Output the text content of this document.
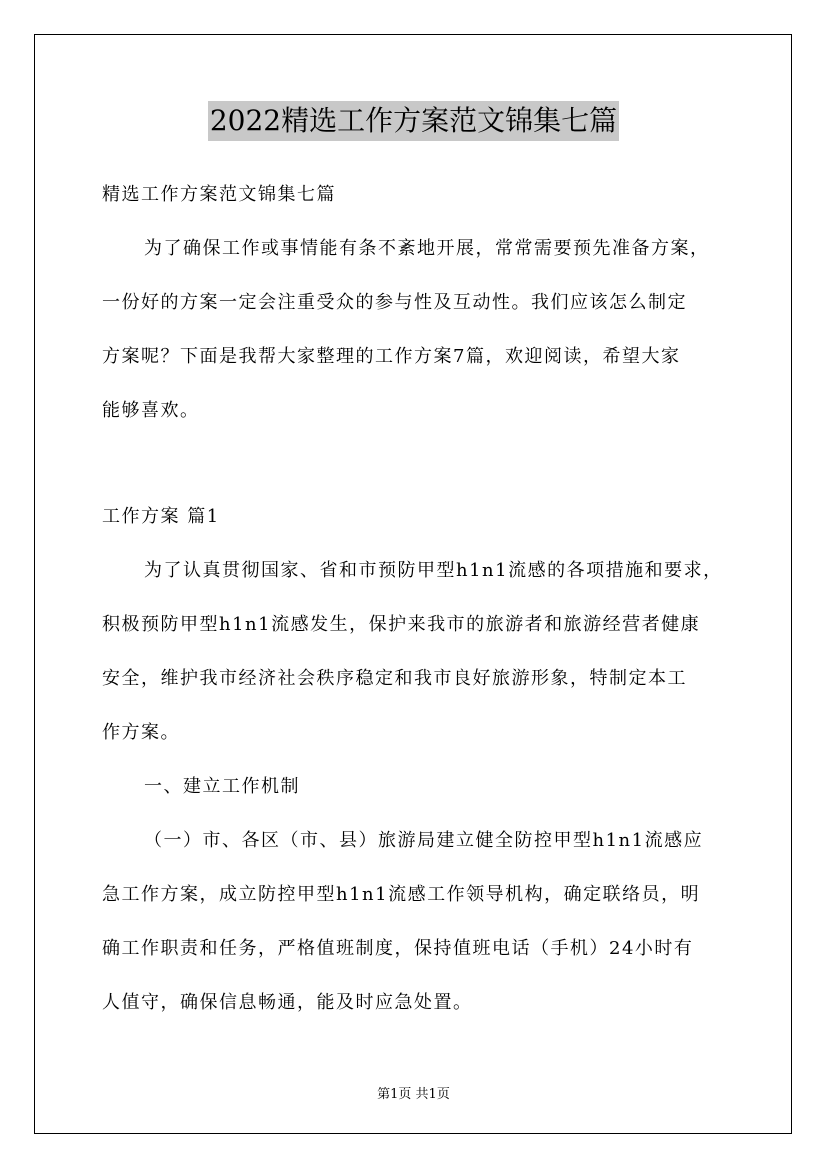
2022精选工作方案范文锦集七篇
精选工作方案范文锦集七篇
为了确保工作或事情能有条不紊地开展，常常需要预先准备方案，
一份好的方案一定会注重受众的参与性及互动性。我们应该怎么制定
方案呢？下面是我帮大家整理的工作方案7篇，欢迎阅读，希望大家
能够喜欢。
工作方案 篇1
为了认真贯彻国家、省和市预防甲型h1n1流感的各项措施和要求，
积极预防甲型h1n1流感发生，保护来我市的旅游者和旅游经营者健康
安全，维护我市经济社会秩序稳定和我市良好旅游形象，特制定本工
作方案。
一、建立工作机制
（一）市、各区（市、县）旅游局建立健全防控甲型h1n1流感应
急工作方案，成立防控甲型h1n1流感工作领导机构，确定联络员，明
确工作职责和任务，严格值班制度，保持值班电话（手机）24小时有
人值守，确保信息畅通，能及时应急处置。
第1页 共1页
